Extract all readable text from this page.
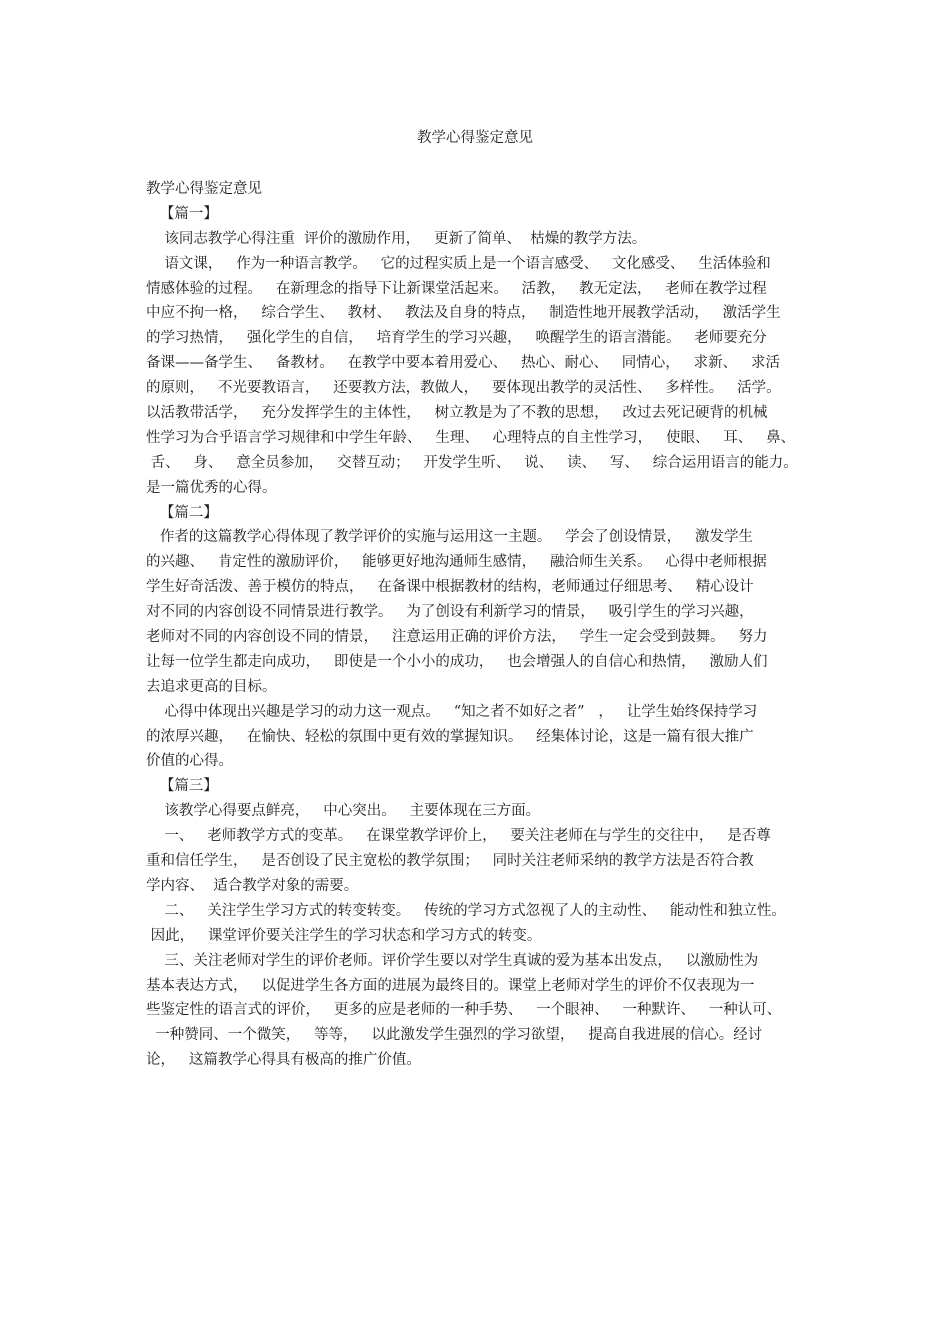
教学心得鉴定意见
教学心得鉴定意见
【篇一】
该同志教学心得注重  评价的激励作用，   更新了简单、  枯燥的教学方法。
语文课，   作为一种语言教学。   它的过程实质上是一个语言感受、   文化感受、   生活体验和
情感体验的过程。   在新理念的指导下让新课堂活起来。   活教，   教无定法，   老师在教学过程
中应不拘一格，   综合学生、   教材、   教法及自身的特点，   制造性地开展教学活动，   激活学生
的学习热情，   强化学生的自信，   培育学生的学习兴趣，   唤醒学生的语言潜能。   老师要充分
备课——备学生、   备教材。   在教学中要本着用爱心、   热心、耐心、   同情心，   求新、   求活
的原则，   不光要教语言，   还要教方法，教做人，   要体现出教学的灵活性、   多样性。   活学。
以活教带活学，   充分发挥学生的主体性，   树立教是为了不教的思想，   改过去死记硬背的机械
性学习为合乎语言学习规律和中学生年龄、   生理、   心理特点的自主性学习，   使眼、   耳、   鼻、
舌、   身、   意全员参加，   交替互动；   开发学生听、   说、   读、   写、   综合运用语言的能力。
是一篇优秀的心得。
【篇二】
作者的这篇教学心得体现了教学评价的实施与运用这一主题。   学会了创设情景，   激发学生
的兴趣、   肯定性的激励评价，   能够更好地沟通师生感情，   融洽师生关系。   心得中老师根据
学生好奇活泼、善于模仿的特点，   在备课中根据教材的结构，老师通过仔细思考、   精心设计
对不同的内容创设不同情景进行教学。   为了创设有利新学习的情景，   吸引学生的学习兴趣，
老师对不同的内容创设不同的情景，   注意运用正确的评价方法，   学生一定会受到鼓舞。   努力
让每一位学生都走向成功，   即使是一个小小的成功，   也会增强人的自信心和热情，   激励人们
去追求更高的目标。
心得中体现出兴趣是学习的动力这一观点。   “知之者不如好之者”   ，   让学生始终保持学习
的浓厚兴趣，   在愉快、轻松的氛围中更有效的掌握知识。   经集体讨论，这是一篇有很大推广
价值的心得。
【篇三】
该教学心得要点鲜亮，   中心突出。   主要体现在三方面。
一、   老师教学方式的变革。   在课堂教学评价上，   要关注老师在与学生的交往中，   是否尊
重和信任学生，   是否创设了民主宽松的教学氛围；   同时关注老师采纳的教学方法是否符合教
学内容、  适合教学对象的需要。
二、   关注学生学习方式的转变转变。   传统的学习方式忽视了人的主动性、   能动性和独立性。
因此，   课堂评价要关注学生的学习状态和学习方式的转变。
三、关注老师对学生的评价老师。评价学生要以对学生真诚的爱为基本出发点，   以激励性为
基本表达方式，   以促进学生各方面的进展为最终目的。课堂上老师对学生的评价不仅表现为一
些鉴定性的语言式的评价，   更多的应是老师的一种手势、   一个眼神、   一种默许、   一种认可、
一种赞同、一个微笑，   等等，   以此激发学生强烈的学习欲望，   提高自我进展的信心。经讨
论，   这篇教学心得具有极高的推广价值。
